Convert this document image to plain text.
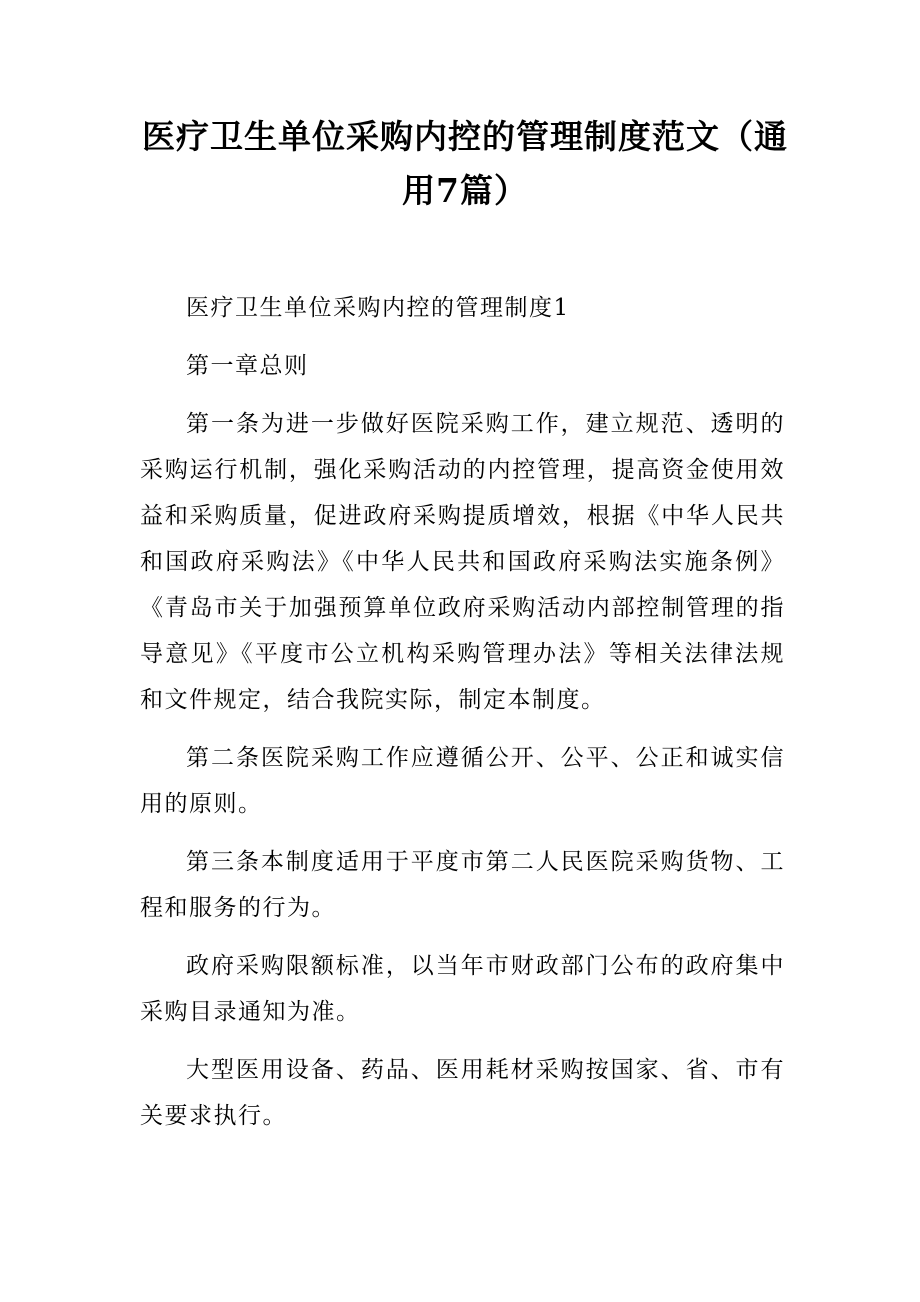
医疗卫生单位采购内控的管理制度范文（通用7篇）

医疗卫生单位采购内控的管理制度1

第一章总则

第一条为进一步做好医院采购工作，建立规范、透明的采购运行机制，强化采购活动的内控管理，提高资金使用效益和采购质量，促进政府采购提质增效，根据《中华人民共和国政府采购法》《中华人民共和国政府采购法实施条例》《青岛市关于加强预算单位政府采购活动内部控制管理的指导意见》《平度市公立机构采购管理办法》等相关法律法规和文件规定，结合我院实际，制定本制度。

第二条医院采购工作应遵循公开、公平、公正和诚实信用的原则。

第三条本制度适用于平度市第二人民医院采购货物、工程和服务的行为。

政府采购限额标准，以当年市财政部门公布的政府集中采购目录通知为准。

大型医用设备、药品、医用耗材采购按国家、省、市有关要求执行。
